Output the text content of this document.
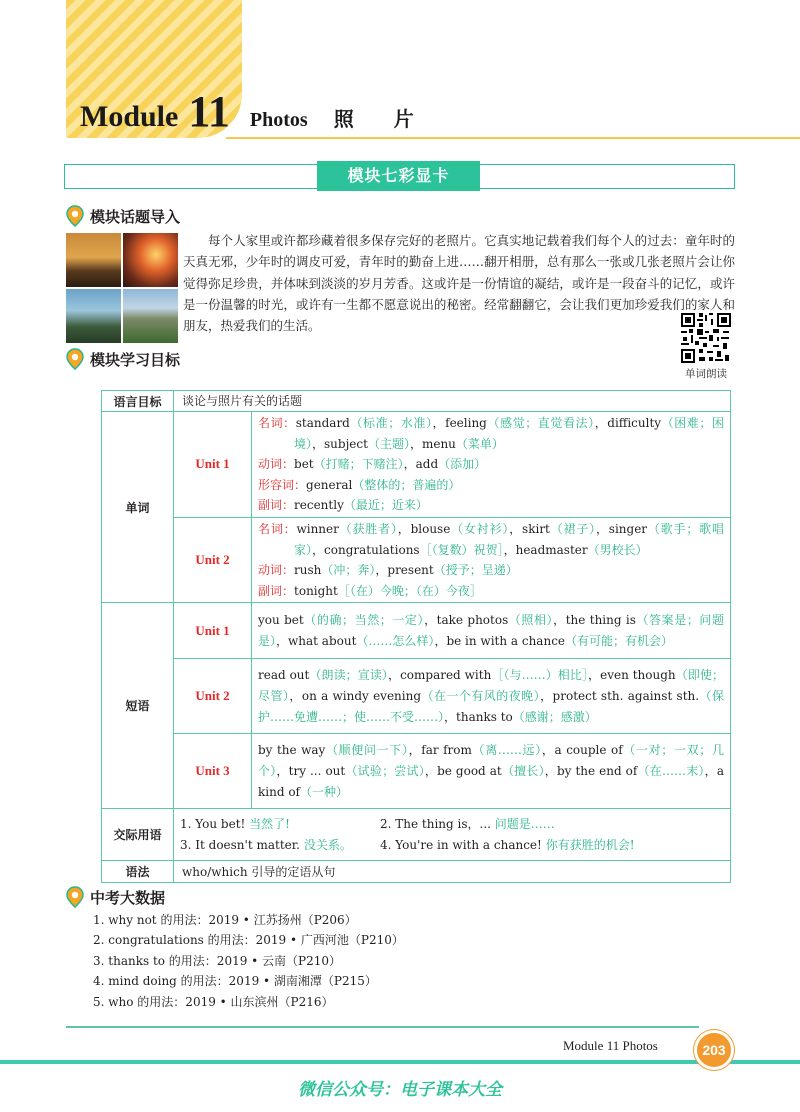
Module 11 Photos 照片
模块七彩显卡
模块话题导入

每个人家里或许都珍藏着很多保存完好的老照片。它真实地记载着我们每个人的过去：童年时的天真无邪，少年时的调皮可爱，青年时的勤奋上进……翻开相册，总有那么一张或几张老照片会让你觉得弥足珍贵，并体味到淡淡的岁月芳香。这或许是一份情谊的凝结，或许是一段奋斗的记忆，或许是一份温馨的时光，或许有一生都不愿意说出的秘密。经常翻翻它，会让我们更加珍爱我们的家人和朋友，热爱我们的生活。

单词朗读
模块学习目标
语言目标	谈论与照片有关的话题	
单词	Unit 1	名词：standard（标准；水准），feeling（感觉；直觉看法），difficulty（困难；困境），subject（主题），menu（菜单）
动词：bet（打赌；下赌注），add（添加）
形容词：general（整体的；普遍的）
副词：recently（最近；近来）

	Unit 2	名词：winner（获胜者），blouse（女衬衫），skirt（裙子），singer（歌手；歌唱家），congratulations［（复数）祝贺］，headmaster（男校长）
动词：rush（冲；奔），present（授予；呈递）
副词：tonight［（在）今晚；（在）今夜］

短语	Unit 1	you bet（的确；当然；一定），take photos（照相），the thing is（答案是；问题是），what about（……怎么样），be in with a chance（有可能；有机会）
	Unit 2	read out（朗读；宣读），compared with［（与……）相比］，even though（即使；尽管），on a windy evening（在一个有风的夜晚），protect sth. against sth.（保护……免遭……；使……不受……），thanks to（感谢；感激）
	Unit 3	by the way（顺便问一下），far from（离……远），a couple of（一对；一双；几个），try ... out（试验；尝试），be good at（擅长），by the end of（在……末），a kind of（一种）
交际用语	1. You bet! 当然了! 2. The thing is，... 问题是……
3. It doesn't matter. 没关系。 4. You're in with a chance! 你有获胜的机会!	

语法	who/which 引导的定语从句	
中考大数据
1. why not 的用法：2019 • 江苏扬州（P206）
2. congratulations 的用法：2019 • 广西河池（P210）
3. thanks to 的用法：2019 • 云南（P210）
4. mind doing 的用法：2019 • 湖南湘潭（P215）
5. who 的用法：2019 • 山东滨州（P216）
Module 11 Photos	203
微信公众号：电子课本大全
